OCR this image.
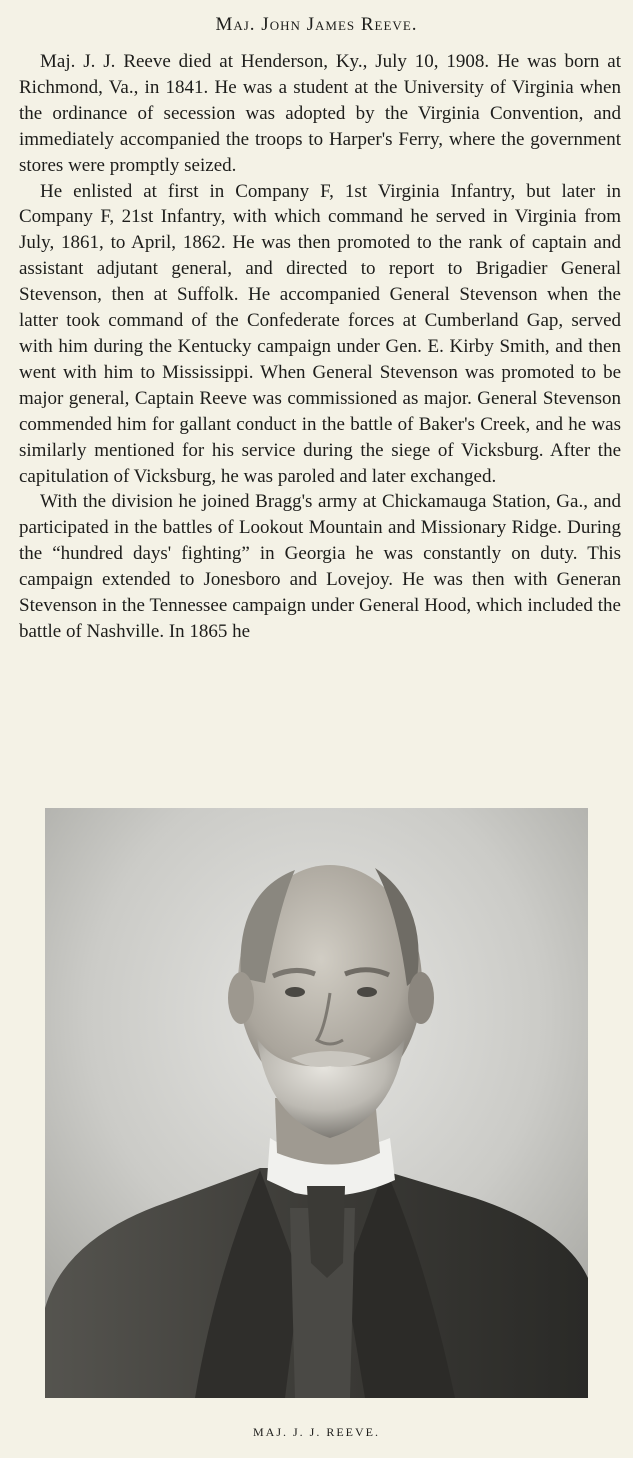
Maj. John James Reeve.

Maj. J. J. Reeve died at Henderson, Ky., July 10, 1908. He was born at Richmond, Va., in 1841. He was a student at the University of Virginia when the ordinance of secession was adopted by the Virginia Convention, and immediately accompanied the troops to Harper's Ferry, where the government stores were promptly seized.

He enlisted at first in Company F, 1st Virginia Infantry, but later in Company F, 21st Infantry, with which command he served in Virginia from July, 1861, to April, 1862. He was then promoted to the rank of captain and assistant adjutant general, and directed to report to Brigadier General Stevenson, then at Suffolk. He accompanied General Stevenson when the latter took command of the Confederate forces at Cumberland Gap, served with him during the Kentucky campaign under Gen. E. Kirby Smith, and then went with him to Mississippi. When General Stevenson was promoted to be major general, Captain Reeve was commissioned as major. General Stevenson commended him for gallant conduct in the battle of Baker's Creek, and he was similarly mentioned for his service during the siege of Vicksburg. After the capitulation of Vicksburg, he was paroled and later exchanged.

With the division he joined Bragg's army at Chickamauga Station, Ga., and participated in the battles of Lookout Mountain and Missionary Ridge. During the “hundred days' fighting” in Georgia he was constantly on duty. This campaign extended to Jonesboro and Lovejoy. He was then with Generan Stevenson in the Tennessee campaign under General Hood, which included the battle of Nashville. In 1865 he

MAJ. J. J. REEVE.
